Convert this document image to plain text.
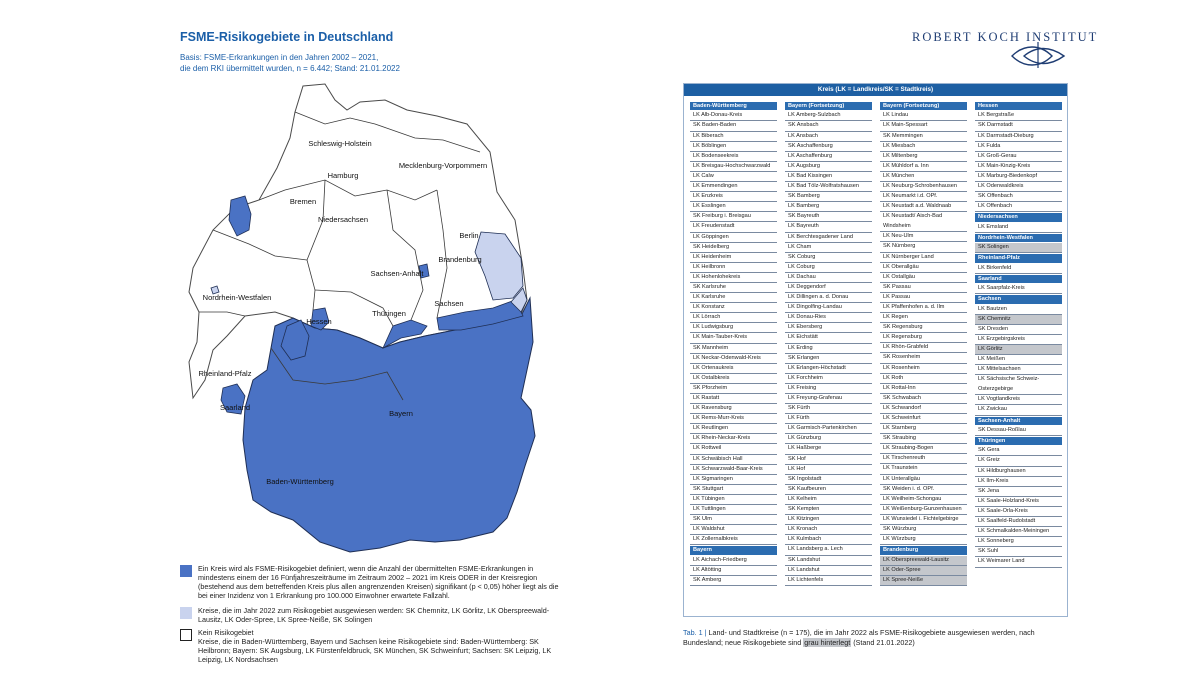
FSME-Risikogebiete in Deutschland
Basis: FSME-Erkrankungen in den Jahren 2002 – 2021,
die dem RKI übermittelt wurden, n = 6.442; Stand: 21.01.2022
Schleswig-Holstein
Mecklenburg-Vorpommern
Hamburg
Bremen
Niedersachsen
Berlin
Brandenburg
Sachsen-Anhalt
Nordrhein-Westfalen
Sachsen
Hessen
Thüringen
Rheinland-Pfalz
Saarland
Bayern
Baden-Württemberg
Ein Kreis wird als FSME-Risikogebiet definiert, wenn die Anzahl der übermittelten FSME-Erkrankungen in mindestens einem der 16 Fünfjahreszeiträume im Zeitraum 2002 – 2021 im Kreis ODER in der Kreisregion (bestehend aus dem betreffenden Kreis plus allen angrenzenden Kreisen) signifikant (p < 0,05) höher liegt als die bei einer Inzidenz von 1 Erkrankung pro 100.000 Einwohner erwartete Fallzahl.
Kreise, die im Jahr 2022 zum Risikogebiet ausgewiesen werden: SK Chemnitz, LK Görlitz, LK Oberspreewald-Lausitz, LK Oder-Spree, LK Spree-Neiße, SK Solingen
Kein Risikogebiet
Kreise, die in Baden-Württemberg, Bayern und Sachsen keine Risikogebiete sind: Baden-Württemberg: SK Heilbronn; Bayern: SK Augsburg, LK Fürstenfeldbruck, SK München, SK Schweinfurt; Sachsen: SK Leipzig, LK Leipzig, LK Nordsachsen
ROBERT KOCH INSTITUT
Kreis (LK = Landkreis/SK = Stadtkreis)
Baden-Württemberg
LK Alb-Donau-Kreis
SK Baden-Baden
LK Biberach
LK Böblingen
LK Bodenseekreis
LK Breisgau-Hochschwarzwald
LK Calw
LK Emmendingen
LK Enzkreis
LK Esslingen
SK Freiburg i. Breisgau
LK Freudenstadt
LK Göppingen
SK Heidelberg
LK Heidenheim
LK Heilbronn
LK Hohenlohekreis
SK Karlsruhe
LK Karlsruhe
LK Konstanz
LK Lörrach
LK Ludwigsburg
LK Main-Tauber-Kreis
SK Mannheim
LK Neckar-Odenwald-Kreis
LK Ortenaukreis
LK Ostalbkreis
SK Pforzheim
LK Rastatt
LK Ravensburg
LK Rems-Murr-Kreis
LK Reutlingen
LK Rhein-Neckar-Kreis
LK Rottweil
LK Schwäbisch Hall
LK Schwarzwald-Baar-Kreis
LK Sigmaringen
SK Stuttgart
LK Tübingen
LK Tuttlingen
SK Ulm
LK Waldshut
LK Zollernalbkreis
Bayern
LK Aichach-Friedberg
LK Altötting
SK Amberg
Bayern (Fortsetzung)
LK Amberg-Sulzbach
SK Ansbach
LK Ansbach
SK Aschaffenburg
LK Aschaffenburg
LK Augsburg
LK Bad Kissingen
LK Bad Tölz-Wolfratshausen
SK Bamberg
LK Bamberg
SK Bayreuth
LK Bayreuth
LK Berchtesgadener Land
LK Cham
SK Coburg
LK Coburg
LK Dachau
LK Deggendorf
LK Dillingen a. d. Donau
LK Dingolfing-Landau
LK Donau-Ries
LK Ebersberg
LK Eichstätt
LK Erding
SK Erlangen
LK Erlangen-Höchstadt
LK Forchheim
LK Freising
LK Freyung-Grafenau
SK Fürth
LK Fürth
LK Garmisch-Partenkirchen
LK Günzburg
LK Haßberge
SK Hof
LK Hof
SK Ingolstadt
SK Kaufbeuren
LK Kelheim
SK Kempten
LK Kitzingen
LK Kronach
LK Kulmbach
LK Landsberg a. Lech
SK Landshut
LK Landshut
LK Lichtenfels
Bayern (Fortsetzung)
LK Lindau
LK Main-Spessart
SK Memmingen
LK Miesbach
LK Miltenberg
LK Mühldorf a. Inn
LK München
LK Neuburg-Schrobenhausen
LK Neumarkt i.d. OPf.
LK Neustadt a.d. Waldnaab
LK Neustadt/ Aisch-Bad Windsheim
LK Neu-Ulm
SK Nürnberg
LK Nürnberger Land
LK Oberallgäu
LK Ostallgäu
SK Passau
LK Passau
LK Pfaffenhofen a. d. Ilm
LK Regen
SK Regensburg
LK Regensburg
LK Rhön-Grabfeld
SK Rosenheim
LK Rosenheim
LK Roth
LK Rottal-Inn
SK Schwabach
LK Schwandorf
LK Schweinfurt
LK Starnberg
SK Straubing
LK Straubing-Bogen
LK Tirschenreuth
LK Traunstein
LK Unterallgäu
SK Weiden i. d. OPf.
LK Weilheim-Schongau
LK Weißenburg-Gunzenhausen
LK Wunsiedel i. Fichtelgebirge
SK Würzburg
LK Würzburg
Brandenburg
LK Oberspreewald-Lausitz
LK Oder-Spree
LK Spree-Neiße
Hessen
LK Bergstraße
SK Darmstadt
LK Darmstadt-Dieburg
LK Fulda
LK Groß-Gerau
LK Main-Kinzig-Kreis
LK Marburg-Biedenkopf
LK Odenwaldkreis
SK Offenbach
LK Offenbach
Niedersachsen
LK Emsland
Nordrhein-Westfalen
SK Solingen
Rheinland-Pfalz
LK Birkenfeld
Saarland
LK Saarpfalz-Kreis
Sachsen
LK Bautzen
SK Chemnitz
SK Dresden
LK Erzgebirgskreis
LK Görlitz
LK Meißen
LK Mittelsachsen
LK Sächsische Schweiz-Osterzgebirge
LK Vogtlandkreis
LK Zwickau
Sachsen-Anhalt
SK Dessau-Roßlau
Thüringen
SK Gera
LK Greiz
LK Hildburghausen
LK Ilm-Kreis
SK Jena
LK Saale-Holzland-Kreis
LK Saale-Orla-Kreis
LK Saalfeld-Rudolstadt
LK Schmalkalden-Meiningen
LK Sonneberg
SK Suhl
LK Weimarer Land
Tab. 1 | Land- und Stadtkreise (n = 175), die im Jahr 2022 als FSME-Risikogebiete ausgewiesen werden, nach Bundesland; neue Risikogebiete sind grau hinterlegt (Stand 21.01.2022)
